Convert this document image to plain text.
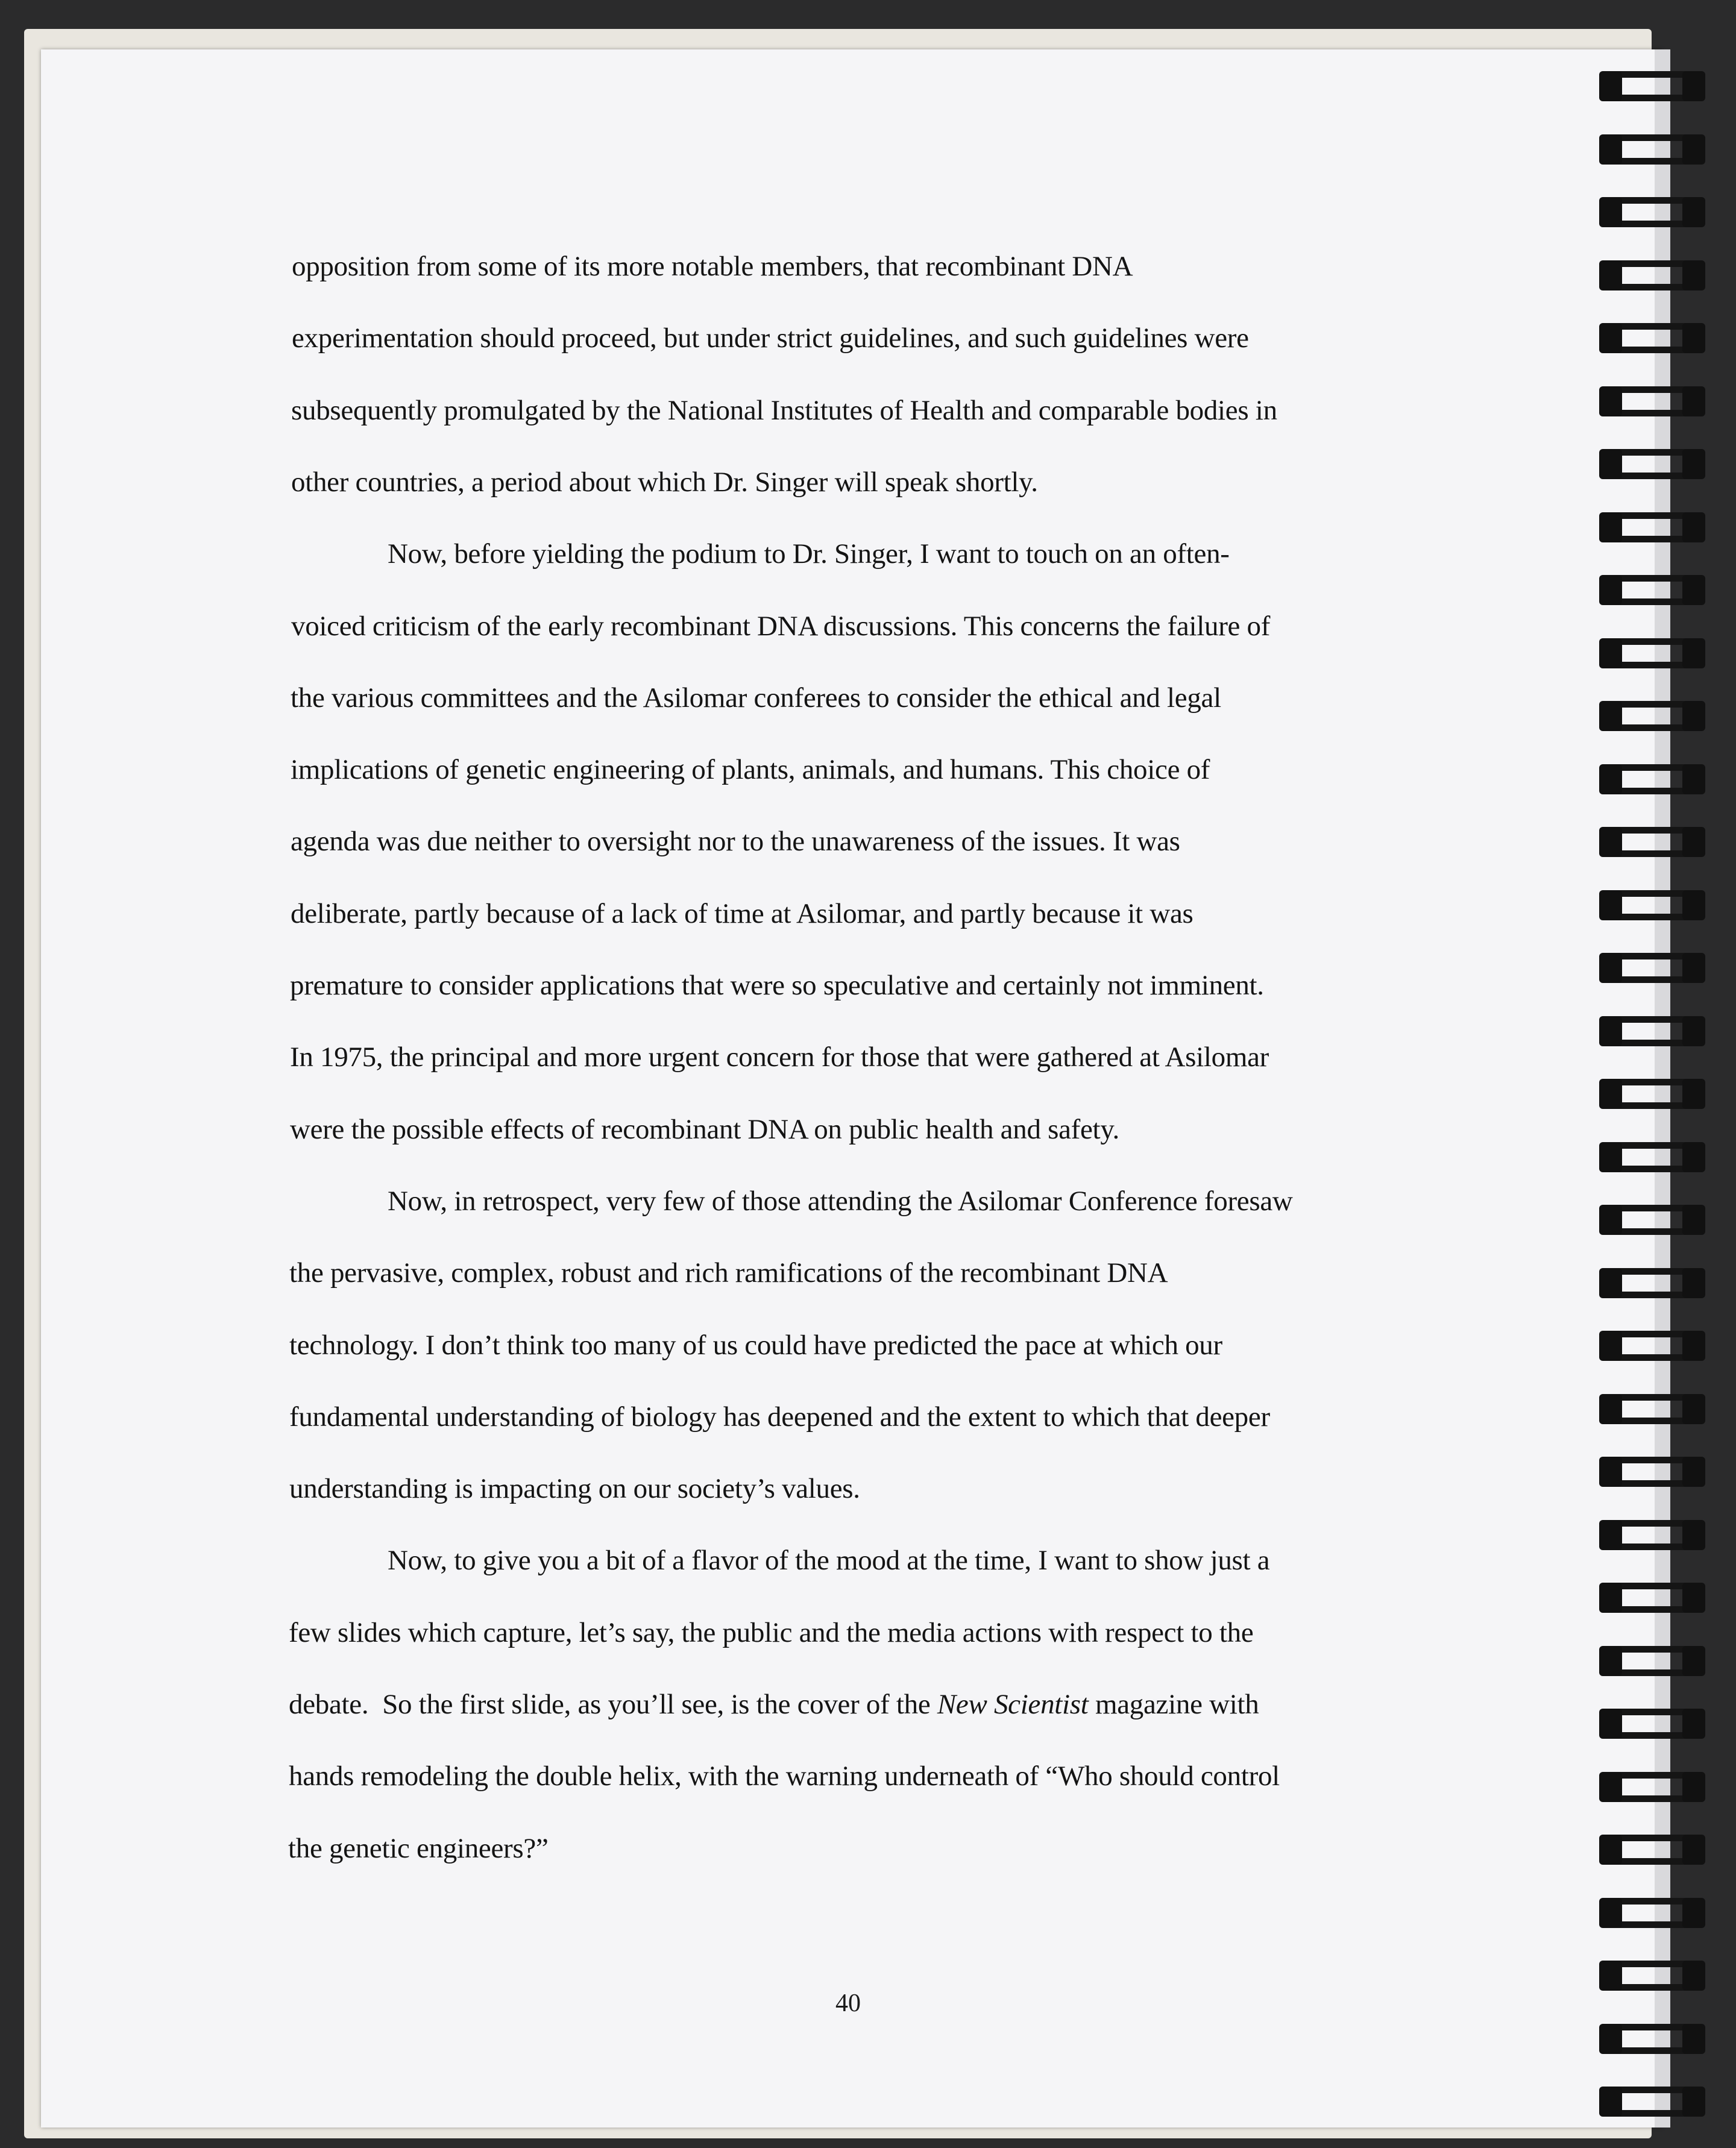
opposition from some of its more notable members, that recombinant DNA
experimentation should proceed, but under strict guidelines, and such guidelines were
subsequently promulgated by the National Institutes of Health and comparable bodies in
other countries, a period about which Dr. Singer will speak shortly.
Now, before yielding the podium to Dr. Singer, I want to touch on an often-
voiced criticism of the early recombinant DNA discussions. This concerns the failure of
the various committees and the Asilomar conferees to consider the ethical and legal
implications of genetic engineering of plants, animals, and humans. This choice of
agenda was due neither to oversight nor to the unawareness of the issues. It was
deliberate, partly because of a lack of time at Asilomar, and partly because it was
premature to consider applications that were so speculative and certainly not imminent.
In 1975, the principal and more urgent concern for those that were gathered at Asilomar
were the possible effects of recombinant DNA on public health and safety.
Now, in retrospect, very few of those attending the Asilomar Conference foresaw
the pervasive, complex, robust and rich ramifications of the recombinant DNA
technology. I don’t think too many of us could have predicted the pace at which our
fundamental understanding of biology has deepened and the extent to which that deeper
understanding is impacting on our society’s values.
Now, to give you a bit of a flavor of the mood at the time, I want to show just a
few slides which capture, let’s say, the public and the media actions with respect to the
debate.  So the first slide, as you’ll see, is the cover of the New Scientist magazine with
hands remodeling the double helix, with the warning underneath of “Who should control
the genetic engineers?”
40
